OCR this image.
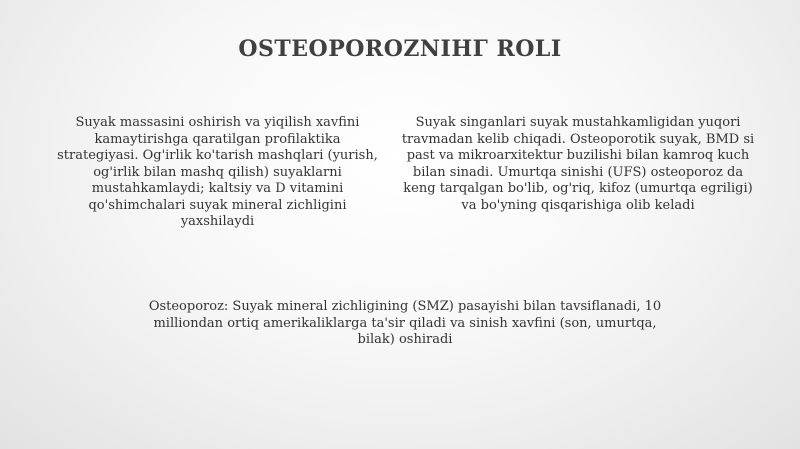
OSTEOPOROZNIHГ ROLI
Suyak massasini oshirish va yiqilish xavfini kamaytirishga qaratilgan profilaktika strategiyasi. Og'irlik ko'tarish mashqlari (yurish, og'irlik bilan mashq qilish) suyaklarni mustahkamlaydi; kaltsiy va D vitamini qo'shimchalari suyak mineral zichligini yaxshilaydi
Suyak singanlari suyak mustahkamligidan yuqori travmadan kelib chiqadi. Osteoporotik suyak, BMD si past va mikroarxitektur buzilishi bilan kamroq kuch bilan sinadi. Umurtqa sinishi (UFS) osteoporoz da keng tarqalgan bo'lib, og'riq, kifoz (umurtqa egriligi) va bo'yning qisqarishiga olib keladi
Osteoporoz: Suyak mineral zichligining (SMZ) pasayishi bilan tavsiflanadi, 10 milliondan ortiq amerikaliklarga ta'sir qiladi va sinish xavfini (son, umurtqa, bilak) oshiradi
